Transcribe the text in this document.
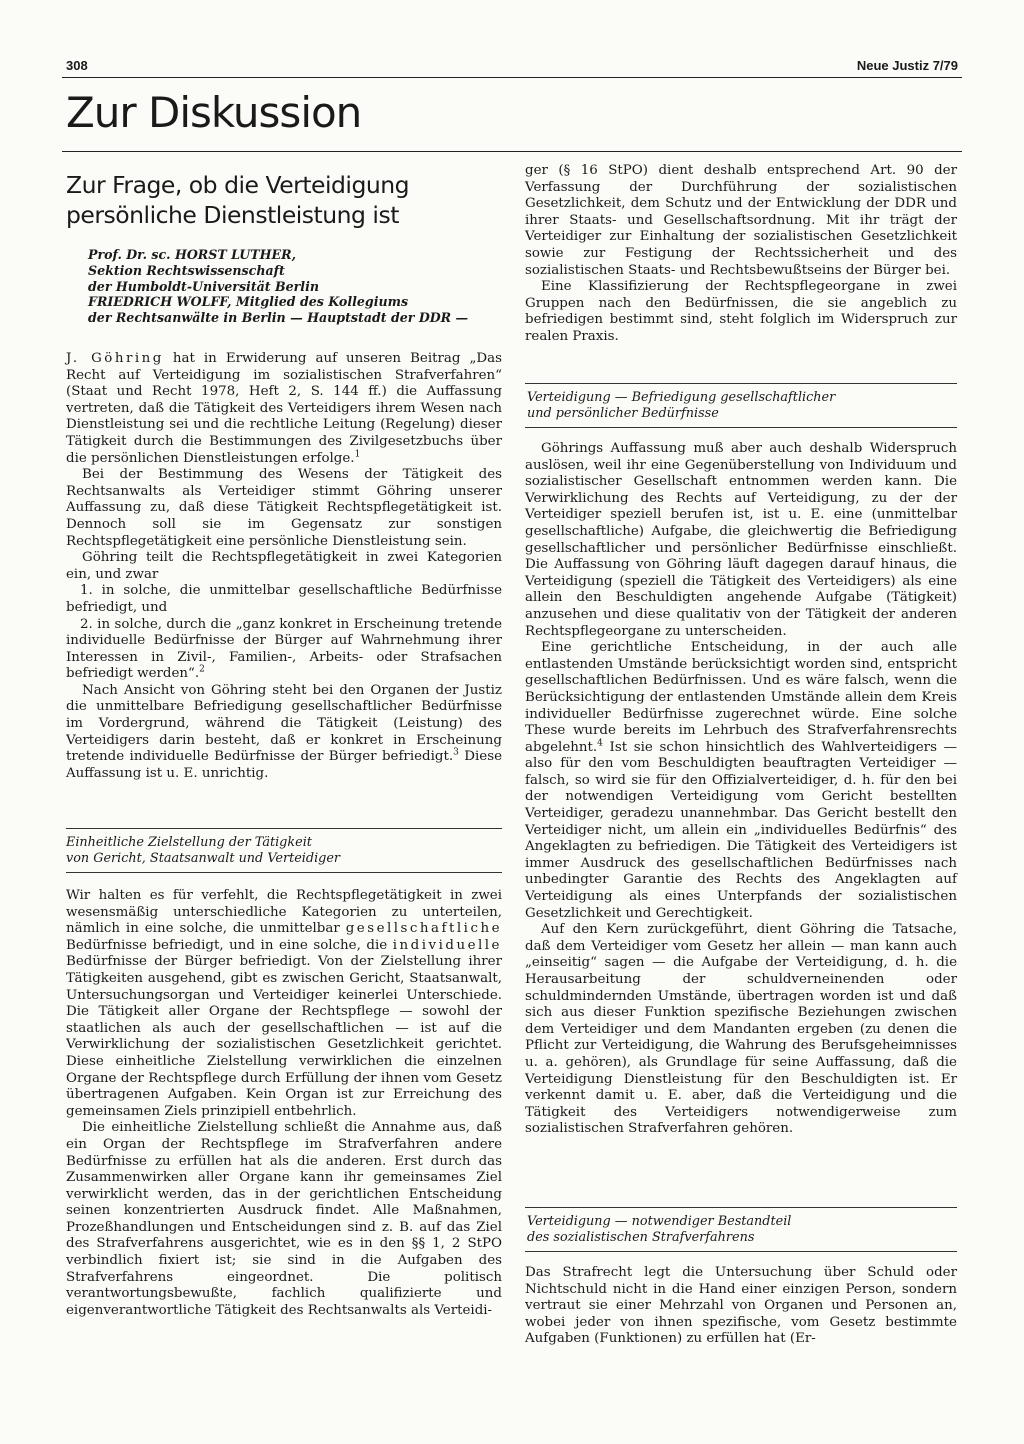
308	Neue Justiz 7/79
Zur Diskussion
Zur Frage, ob die Verteidigung
persönliche Dienstleistung ist

Prof. Dr. sc. HORST LUTHER,

Sektion Rechtswissenschaft

der Humboldt-Universität Berlin

FRIEDRICH WOLFF, Mitglied des Kollegiums

der Rechtsanwälte in Berlin — Hauptstadt der DDR —

J. Göhring hat in Erwiderung auf unseren Beitrag „Das Recht auf Verteidigung im sozialistischen Strafverfahren“ (Staat und Recht 1978, Heft 2, S. 144 ff.) die Auffassung vertreten, daß die Tätigkeit des Verteidigers ihrem Wesen nach Dienstleistung sei und die rechtliche Leitung (Regelung) dieser Tätigkeit durch die Bestimmungen des Zivilgesetzbuchs über die persönlichen Dienstleistungen erfolge.$^1$

Bei der Bestimmung des Wesens der Tätigkeit des Rechtsanwalts als Verteidiger stimmt Göhring unserer Auffassung zu, daß diese Tätigkeit Rechtspflegetätigkeit ist. Dennoch soll sie im Gegensatz zur sonstigen Rechtspflegetätigkeit eine persönliche Dienstleistung sein.

Göhring teilt die Rechtspflegetätigkeit in zwei Kategorien ein, und zwar

1. in solche, die unmittelbar gesellschaftliche Bedürfnisse befriedigt, und

2. in solche, durch die „ganz konkret in Erscheinung tretende individuelle Bedürfnisse der Bürger auf Wahrnehmung ihrer Interessen in Zivil-, Familien-, Arbeits- oder Strafsachen befriedigt werden“.$^2$

Nach Ansicht von Göhring steht bei den Organen der Justiz die unmittelbare Befriedigung gesellschaftlicher Bedürfnisse im Vordergrund, während die Tätigkeit (Leistung) des Verteidigers darin besteht, daß er konkret in Erscheinung tretende individuelle Bedürfnisse der Bürger befriedigt.$^3$ Diese Auffassung ist u. E. unrichtig.

Einheitliche Zielstellung der Tätigkeit
von Gericht, Staatsanwalt und Verteidiger

Wir halten es für verfehlt, die Rechtspflegetätigkeit in zwei wesensmäßig unterschiedliche Kategorien zu unterteilen, nämlich in eine solche, die unmittelbar gesellschaftliche Bedürfnisse befriedigt, und in eine solche, die individuelle Bedürfnisse der Bürger befriedigt. Von der Zielstellung ihrer Tätigkeiten ausgehend, gibt es zwischen Gericht, Staatsanwalt, Untersuchungsorgan und Verteidiger keinerlei Unterschiede. Die Tätigkeit aller Organe der Rechtspflege — sowohl der staatlichen als auch der gesellschaftlichen — ist auf die Verwirklichung der sozialistischen Gesetzlichkeit gerichtet. Diese einheitliche Zielstellung verwirklichen die einzelnen Organe der Rechtspflege durch Erfüllung der ihnen vom Gesetz übertragenen Aufgaben. Kein Organ ist zur Erreichung des gemeinsamen Ziels prinzipiell entbehrlich.

Die einheitliche Zielstellung schließt die Annahme aus, daß ein Organ der Rechtspflege im Strafverfahren andere Bedürfnisse zu erfüllen hat als die anderen. Erst durch das Zusammenwirken aller Organe kann ihr gemeinsames Ziel verwirklicht werden, das in der gerichtlichen Entscheidung seinen konzentrierten Ausdruck findet. Alle Maßnahmen, Prozeßhandlungen und Entscheidungen sind z. B. auf das Ziel des Strafverfahrens ausgerichtet, wie es in den §§ 1, 2 StPO verbindlich fixiert ist; sie sind in die Aufgaben des Strafverfahrens eingeordnet. Die politisch verantwortungsbewußte, fachlich qualifizierte und eigenverantwortliche Tätigkeit des Rechtsanwalts als Verteidi-

ger (§ 16 StPO) dient deshalb entsprechend Art. 90 der Verfassung der Durchführung der sozialistischen Gesetzlichkeit, dem Schutz und der Entwicklung der DDR und ihrer Staats- und Gesellschaftsordnung. Mit ihr trägt der Verteidiger zur Einhaltung der sozialistischen Gesetzlichkeit sowie zur Festigung der Rechtssicherheit und des sozialistischen Staats- und Rechtsbewußtseins der Bürger bei.

Eine Klassifizierung der Rechtspflegeorgane in zwei Gruppen nach den Bedürfnissen, die sie angeblich zu befriedigen bestimmt sind, steht folglich im Widerspruch zur realen Praxis.

Verteidigung — Befriedigung gesellschaftlicher
und persönlicher Bedürfnisse

Göhrings Auffassung muß aber auch deshalb Widerspruch auslösen, weil ihr eine Gegenüberstellung von Individuum und sozialistischer Gesellschaft entnommen werden kann. Die Verwirklichung des Rechts auf Verteidigung, zu der der Verteidiger speziell berufen ist, ist u. E. eine (unmittelbar gesellschaftliche) Aufgabe, die gleichwertig die Befriedigung gesellschaftlicher und persönlicher Bedürfnisse einschließt. Die Auffassung von Göhring läuft dagegen darauf hinaus, die Verteidigung (speziell die Tätigkeit des Verteidigers) als eine allein den Beschuldigten angehende Aufgabe (Tätigkeit) anzusehen und diese qualitativ von der Tätigkeit der anderen Rechtspflegeorgane zu unterscheiden.

Eine gerichtliche Entscheidung, in der auch alle entlastenden Umstände berücksichtigt worden sind, entspricht gesellschaftlichen Bedürfnissen. Und es wäre falsch, wenn die Berücksichtigung der entlastenden Umstände allein dem Kreis individueller Bedürfnisse zugerechnet würde. Eine solche These wurde bereits im Lehrbuch des Strafverfahrensrechts abgelehnt.$^4$ Ist sie schon hinsichtlich des Wahlverteidigers — also für den vom Beschuldigten beauftragten Verteidiger — falsch, so wird sie für den Offizialverteidiger, d. h. für den bei der notwendigen Verteidigung vom Gericht bestellten Verteidiger, geradezu unannehmbar. Das Gericht bestellt den Verteidiger nicht, um allein ein „individuelles Bedürfnis“ des Angeklagten zu befriedigen. Die Tätigkeit des Verteidigers ist immer Ausdruck des gesellschaftlichen Bedürfnisses nach unbedingter Garantie des Rechts des Angeklagten auf Verteidigung als eines Unterpfands der sozialistischen Gesetzlichkeit und Gerechtigkeit.

Auf den Kern zurückgeführt, dient Göhring die Tatsache, daß dem Verteidiger vom Gesetz her allein — man kann auch „einseitig“ sagen — die Aufgabe der Verteidigung, d. h. die Herausarbeitung der schuldverneinenden oder schuldmindernden Umstände, übertragen worden ist und daß sich aus dieser Funktion spezifische Beziehungen zwischen dem Verteidiger und dem Mandanten ergeben (zu denen die Pflicht zur Verteidigung, die Wahrung des Berufsgeheimnisses u. a. gehören), als Grundlage für seine Auffassung, daß die Verteidigung Dienstleistung für den Beschuldigten ist. Er verkennt damit u. E. aber, daß die Verteidigung und die Tätigkeit des Verteidigers notwendigerweise zum sozialistischen Strafverfahren gehören.

Verteidigung — notwendiger Bestandteil
des sozialistischen Strafverfahrens

Das Strafrecht legt die Untersuchung über Schuld oder Nichtschuld nicht in die Hand einer einzigen Person, sondern vertraut sie einer Mehrzahl von Organen und Personen an, wobei jeder von ihnen spezifische, vom Gesetz bestimmte Aufgaben (Funktionen) zu erfüllen hat (Er-
